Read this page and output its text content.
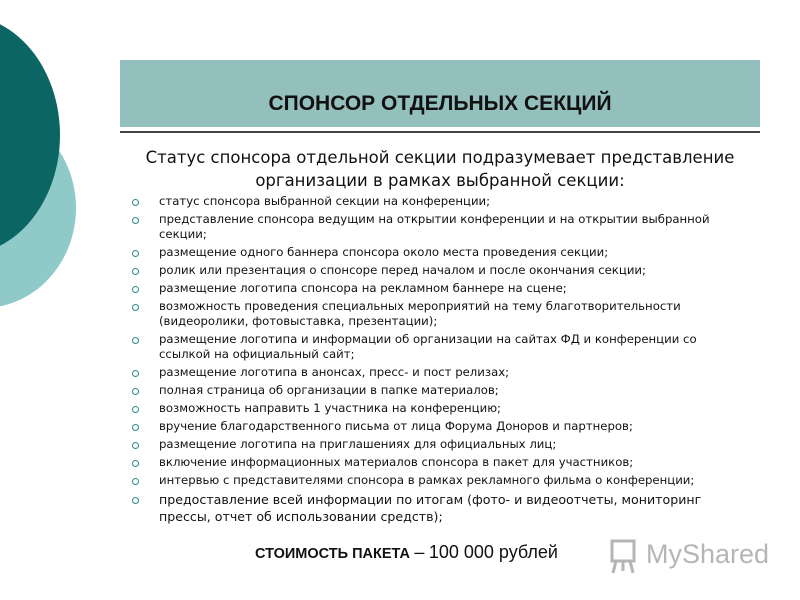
СПОНСОР ОТДЕЛЬНЫХ СЕКЦИЙ
Статус спонсора отдельной секции подразумевает представление организации в рамках выбранной секции:
статус спонсора выбранной секции на конференции;
представление спонсора ведущим на открытии конференции и на открытии выбранной секции;
размещение одного баннера спонсора около места проведения секции;
ролик или презентация о спонсоре перед началом и после окончания секции;
размещение логотипа спонсора на рекламном баннере на сцене;
возможность проведения специальных мероприятий на тему благотворительности (видеоролики, фотовыставка, презентации);
размещение логотипа и информации об организации на сайтах ФД и конференции со ссылкой на официальный сайт;
размещение логотипа в анонсах, пресс- и пост релизах;
полная страница об организации в папке материалов;
возможность направить 1 участника на конференцию;
вручение благодарственного письма от лица Форума Доноров и партнеров;
размещение логотипа на приглашениях для официальных лиц;
включение информационных материалов спонсора в пакет для участников;
интервью с представителями спонсора в рамках рекламного фильма о конференции;
предоставление всей информации по итогам (фото- и видеоотчеты, мониторинг прессы, отчет об использовании средств);
СТОИМОСТЬ ПАКЕТА – 100 000 рублей	MyShared
